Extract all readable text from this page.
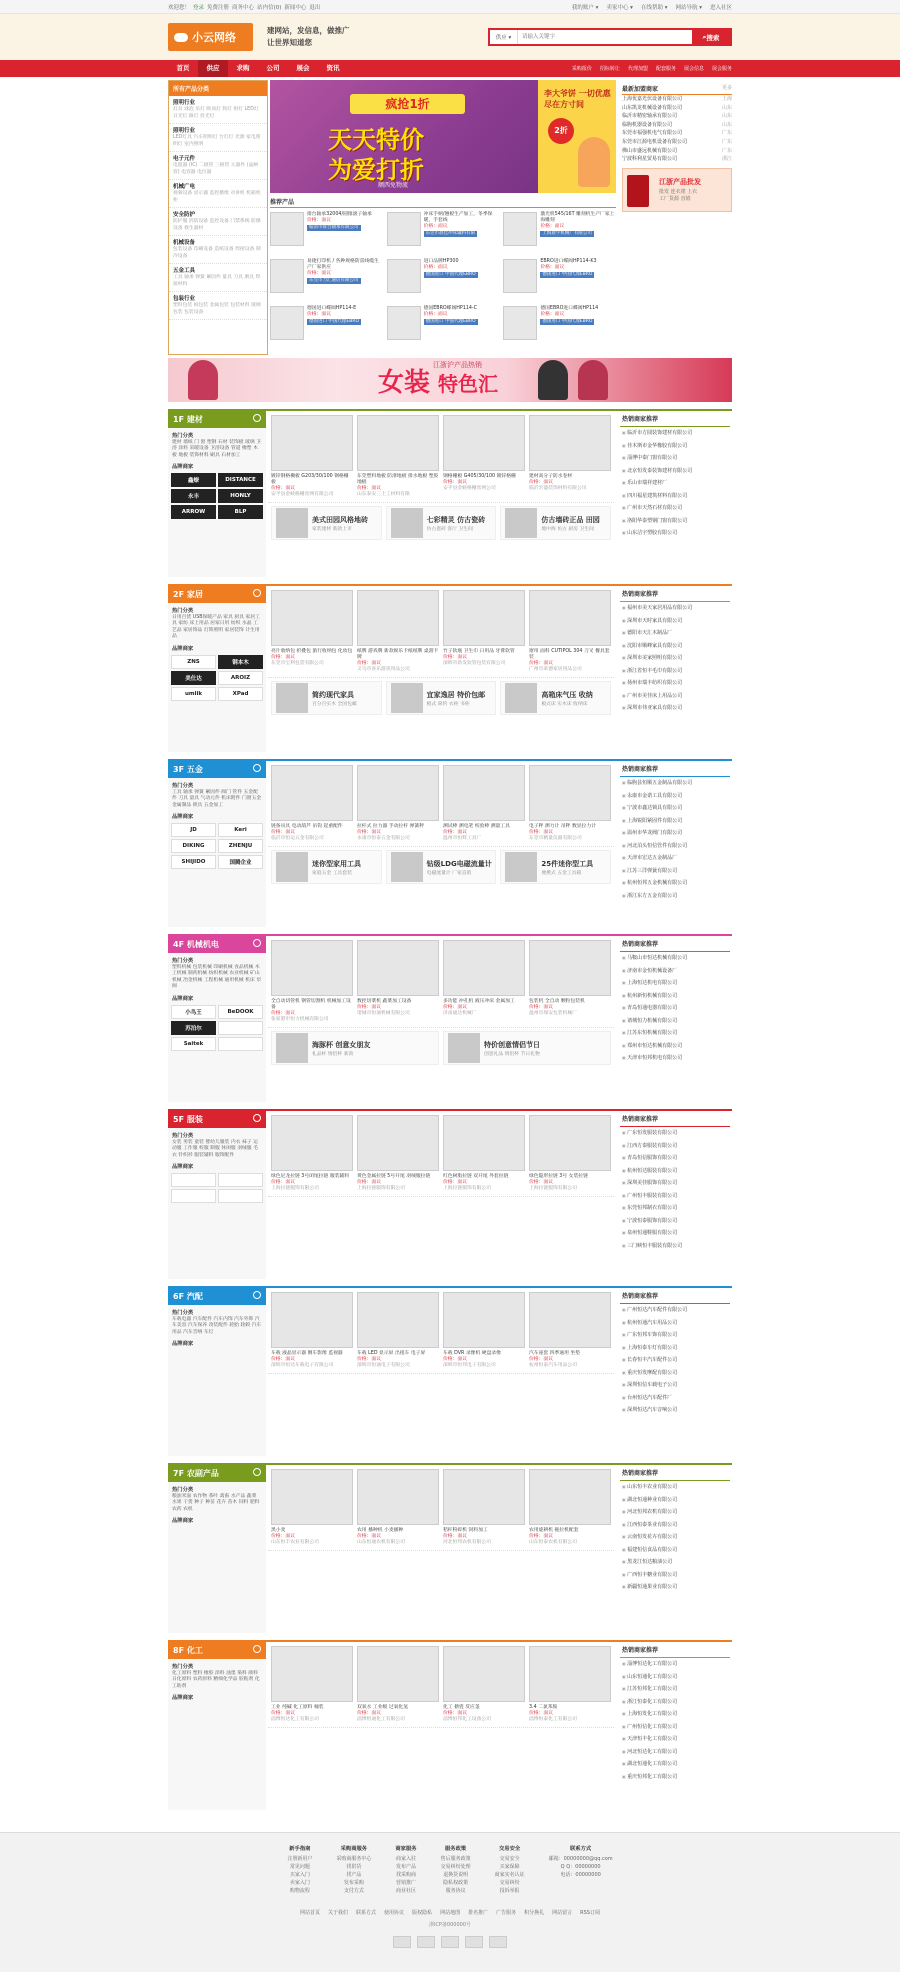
欢迎您！ 登录 免费注册 商务中心 站内信(0) 新闻中心 退出	我的账户 ▾ 卖家中心 ▾ 在线帮助 ▾ 网站导航 ▾ 进入社区
小云网络
建网站，发信息，做推广
让世界知道您	供应 ▾
请输入关键字	⌕ 搜索
首页	供应	求购	公司	展会	资讯	采购报价 招标转让 代理加盟 配套服务 展会信息 展会服务
所有产品分类
照明行业

灯具 球泡 吊灯 吸顶灯 筒灯 射灯 LED灯 日光灯 路灯 投光灯

照明行业

LED灯具 汽车照明灯 台灯灯 光源 家电照明灯 室内照明

电子元件

电阻器 (IC) 二极管 三极管 元器件 (晶闸管) 电容器 电位器

机械广电

视频设备 显示器 监控摄像 对讲机 机箱机柜

安全防护

防护服 消防设备 监控设备 门禁系统 防爆设备 救生器材

机械设备

包装设备 印刷设备 造纸设备 焊接设备 制冷设备

五金工具

工具 轴承 弹簧 紧固件 量具 刀具 磨具 焊接材料

包装行业

塑料包装 纸包装 金属包装 包装材料 玻璃包装 包装设备

疯抢1折
天天特价
为爱打折
额西免物流
李大爷饼 一切优惠尽在方寸间
2折
推荐产品
排台轴承32004/圆锥滚子轴承
价格：面议
临清市排台轴承有限公司
冲床手柄/翘板生产加工，冬季保暖，手套线
价格：面议
东莞市晨佳冲床辅料有限
激光机545/16T 雕刻机生产厂家上海雕刻
价格：面议
上海晨宇机械厂有限公司
易捷打印机 / 各种规格防雷线缆生产厂家供应
价格：面议
东莞市力汇通信有限公司
进口品牌HP300
价格：面议
德国进口 中国代理EBRO
EBRO进口蝶阀HP114-K3
价格：面议
德国进口 中国代理EBRO
德国进口蝶阀HP114-E
价格：面议
德国进口 中国代理EBRO
德国EBRO蝶阀HP114-C
价格：面议
德国进口 中国代理EBRO
德国EBRO进口蝶阀HP114
价格：面议
德国进口 中国代理EBRO
最新加盟商家	更多
上海优嘉光伏设备有限公司	上海
山东凯龙机械设备有限公司	山东
临沂市精密轴承有限公司	山东
临朐机器设备有限公司	山东
东莞市福强机电气有限公司	广东
东莞市江源电机设备有限公司	广东
佛山市盛远机械有限公司	广东
宁波科利星贸易有限公司	浙江
江浙产品批发
批发 连衣裙 上衣
工厂货源 直销
女装
江浙沪产品热销
特色汇
1F 建材
热门分类
建材 墙纸 门 窗 塑钢 石材 装饰板 玻璃 卫浴 涂料 采暖设备 卫浴设备 管道 橡塑 木板 地板 装饰材料 刷具 石材加工
品牌商家
鑫燎	DISTANCE
永丰	HONLY
ARROW	BLP
镀锌钢格栅板 G203/30/100 钢格栅板
价格：面议
安平县金峡格栅丝网有限公司
东莞塑料地板 防滑地板 排水地板 塑胶地板
价格：面议
山东泰安三土工材料有限
钢格栅板 G405/30/100 镀锌格栅
价格：面议
安平县金峡格栅丝网公司
建材高分子防水卷材
价格：面议
临沂宏盛装饰材料有限公司
美式田园风格地砖
家装建材 新款上市
七彩精灵 仿古瓷砖
仿古瓷砖 客厅 卫生间
仿古墙砖正品 田园
地中海 仿古 厨房 卫生间
热销商家推荐
▣ 临沂市方圆装饰建材有限公司
▣ 佳木斯市金华橡胶有限公司
▣ 淄博中泰门窗有限公司
▣ 北京恒发泰装饰建材有限公司
▣ 乐山市瑞祥建材厂
▣ 四川福星建筑材料有限公司
▣ 广州市天然石材有限公司
▣ 洛阳华泰塑钢门窗有限公司
▣ 山东洁宇塑胶有限公司
2F 家居
热门分类
日用百货 USB保暖产品 家具 厨具 家居工具 家纺 床上用品 居家日用 纺织 水晶 工艺品 家居饰品 灯饰照明 家居装饰 计生用品
品牌商家
ZNS	钢本木
美仕达	AROIZ
umlik	XPad
亮片收纳包 折叠包 旅行收纳包 化妆包
价格：面议
东莞市宝利包袋有限公司
纸牌 游戏牌 新款娱乐卡纸纸牌 桌游卡牌
价格：面议
义乌市喜乐游戏用品公司
竹子软瓶 卫生巾 日用品 牙膏软管
价格：面议
深圳市新发软管包装有限公司
窗帘 面料 CUTIPOL 304 刀叉 餐具套装
价格：面议
广州市莱德家居用品公司
简约现代家具
百分百实木 全国包邮
宜家逸居 特价包邮
板式 简约 衣柜 书柜
高箱床气压 收纳
板式床 实木床 收纳床
热销商家推荐
▣ 福州市美天家居用品有限公司
▣ 深圳市天时家具有限公司
▣ 德阳市天汇木制品厂
▣ 沈阳市顺峰家具有限公司
▣ 深圳市美家照明有限公司
▣ 浙江省恒丰毛巾有限公司
▣ 扬州市瑞丰纺织有限公司
▣ 广州市美佳床上用品公司
▣ 深圳市伟亚家具有限公司
3F 五金
热门分类
工具 轴承 弹簧 紧固件 阀门 管件 五金配件 刀具 量具 气动元件 机床附件 门窗五金 金属制品 锁具 五金加工
品牌商家
JD	Keri
DIKING	ZHENJU
SHIJIDO	国腾企业
链条吊具 电动葫芦 吊钩 起重配件
价格：面议
临沂市恒运五金有限公司
拉杆式 拉力器 手动拉杆 弹簧秤
价格：面议
永康市恒泰五金有限公司
测试棒 测电笔 校验棒 测量工具
价格：面议
温州市恒辉工具厂
电子秤 测力计 吊秤 数显拉力计
价格：面议
东莞市精量仪器有限公司
迷你型家用工具
家庭五金 工具套装
钻级LDG电磁流量计
电磁流量计 厂家直销
25件迷你型工具
便携式 五金工具箱
热销商家推荐
▣ 临朐县恒顺五金制品有限公司
▣ 永康市金诺工具有限公司
▣ 宁波市鑫达锁具有限公司
▣ 上海锐阳紧固件有限公司
▣ 温州市华龙阀门有限公司
▣ 河北泊头恒信管件有限公司
▣ 天津市宏达五金制品厂
▣ 江苏三洋弹簧有限公司
▣ 杭州恒邦五金机械有限公司
▣ 浙江东方五金有限公司
4F 机械机电
热门分类
塑料机械 包装机械 印刷机械 食品机械 木工机械 制药机械 纺织机械 农业机械 矿山机械 冶金机械 工程机械 通用机械 机床 泵阀
品牌商家
小鸟王	BeDOOK
苏泊尔
Saitek
全自动切管机 钢管切割机 机械加工设备
价格：面议
张家港市恒力机械有限公司
数控切菜机 蔬菜加工设备
价格：面议
诸城市恒通机械有限公司
多功能 冲孔机 液压冲床 金属加工
价格：面议
济南通达机械厂
包装机 全自动 颗粒包装机
价格：面议
温州市瑞安包装机械厂
海豚杯 创意女朋友
礼品杯 情侣杯 新款
特价创意情侣节日
创意礼品 情侣杯 节日礼物
热销商家推荐
▣ 马鞍山市恒达机械有限公司
▣ 济南市金恒机械设备厂
▣ 上海恒达机电有限公司
▣ 杭州新恒机械有限公司
▣ 青岛恒通电器有限公司
▣ 诸城恒力机械有限公司
▣ 江苏东恒机械有限公司
▣ 郑州市恒达机械有限公司
▣ 天津市恒邦机电有限公司
5F 服装
热门分类
女装 男装 童装 婴幼儿服装 内衣 袜子 运动服 工作服 校服 制服 休闲服 羽绒服 毛衣 针织衫 服装辅料 服饰配件
品牌商家
绿色尼龙拉链 3号闭尾拉链 服装辅料
价格：面议
上海拉链服饰有限公司
黄色金属拉链 5号开尾 羽绒服拉链
价格：面议
上海拉链服饰有限公司
红色树脂拉链 双开尾 外套拉链
价格：面议
上海拉链服饰有限公司
绿色隐形拉链 3号 女装拉链
价格：面议
上海拉链服饰有限公司
热销商家推荐
▣ 广东恒发服装有限公司
▣ 江西方泰服装有限公司
▣ 青岛恒信服饰有限公司
▣ 杭州恒达服装有限公司
▣ 深圳美佳服饰有限公司
▣ 广州恒丰服装有限公司
▣ 东莞恒邦制衣有限公司
▣ 宁波恒泰服饰有限公司
▣ 泉州恒通鞋服有限公司
▣ 三门峡恒丰服装有限公司
6F 汽配
热门分类
车载电器 汽车配件 汽车内饰 汽车外饰 汽车美容 汽车保养 改装配件 轮胎 轮毂 汽车用品 汽车音响 车灯
品牌商家
车载 液晶显示器 倒车影像 监视器
价格：面议
深圳市恒达车载电子有限公司
车载 LED 显示屏 出租车 电子屏
价格：面议
深圳市恒通电子有限公司
车载 DVR 录像机 硬盘录像
价格：面议
深圳市恒邦电子有限公司
汽车座套 四季通用 坐垫
价格：面议
杭州恒泰汽车用品公司
热销商家推荐
▣ 广州恒达汽车配件有限公司
▣ 杭州恒通汽车用品公司
▣ 广东恒邦车饰有限公司
▣ 上海恒泰车灯有限公司
▣ 长春恒丰汽车配件公司
▣ 重庆恒发摩配有限公司
▣ 深圳恒信车载电子公司
▣ 台州恒达汽车配件厂
▣ 深圳恒达汽车音响公司
7F 农副产品
热门分类
粮油米面 农作物 茶叶 禽畜 水产品 蔬菜 水果 干货 种子 种苗 花卉 苗木 饲料 肥料 农药 农机
品牌商家
黑小麦
价格：面议
山东恒丰农业有限公司
农用 播种机 小麦播种
价格：面议
山东恒通农机有限公司
秸秆粉碎机 饲料加工
价格：面议
河北恒邦农机有限公司
农用旋耕机 拖拉机配套
价格：面议
山东恒泰农机有限公司
热销商家推荐
▣ 山东恒丰农业有限公司
▣ 湖北恒通种业有限公司
▣ 河北恒邦农机有限公司
▣ 江西恒泰茶业有限公司
▣ 云南恒发花卉有限公司
▣ 福建恒信食品有限公司
▣ 黑龙江恒达粮油公司
▣ 广西恒丰糖业有限公司
▣ 新疆恒通果业有限公司
8F 化工
热门分类
化工原料 塑料 橡胶 涂料 油墨 染料 颜料 日化原料 农药原料 精细化学品 胶粘剂 化工助剂
品牌商家
工业 纯碱 化工原料 桶装
价格：面议
淄博恒达化工有限公司
双氧水 工业级 过氧化氢
价格：面议
淄博恒通化工有限公司
化工 搪瓷 反应釜
价格：面议
淄博恒邦化工设备公司
3.4 二氯苯胺
价格：面议
淄博恒泰化工有限公司
热销商家推荐
▣ 淄博恒达化工有限公司
▣ 山东恒通化工有限公司
▣ 江苏恒邦化工有限公司
▣ 浙江恒泰化工有限公司
▣ 上海恒发化工有限公司
▣ 广州恒信化工有限公司
▣ 天津恒丰化工有限公司
▣ 河北恒达化工有限公司
▣ 湖北恒通化工有限公司
▣ 重庆恒邦化工有限公司
新手指南
注册新用户
常见问题
买家入门
卖家入门
购物流程
采购商服务
采购商服务中心
找供货
找产品
发布采购
支付方式
商家服务
商家入驻
发布产品
找采购商
营销推广
商业社区
服务政策
售后服务政策
交易纠纷处理
退换货说明
隐私权政策
服务协议
交易安全
交易安全
买家保障
商家实名认证
交易纠纷
投诉举报
联系方式
邮箱：00000000@qq.com
Q Q：00000000
电话：00000000
网站首页 关于我们 联系方式 使用协议 版权隐私 网站地图 排名推广 广告服务 积分换礼 网站留言 RSS订阅
浙ICP备000000号
